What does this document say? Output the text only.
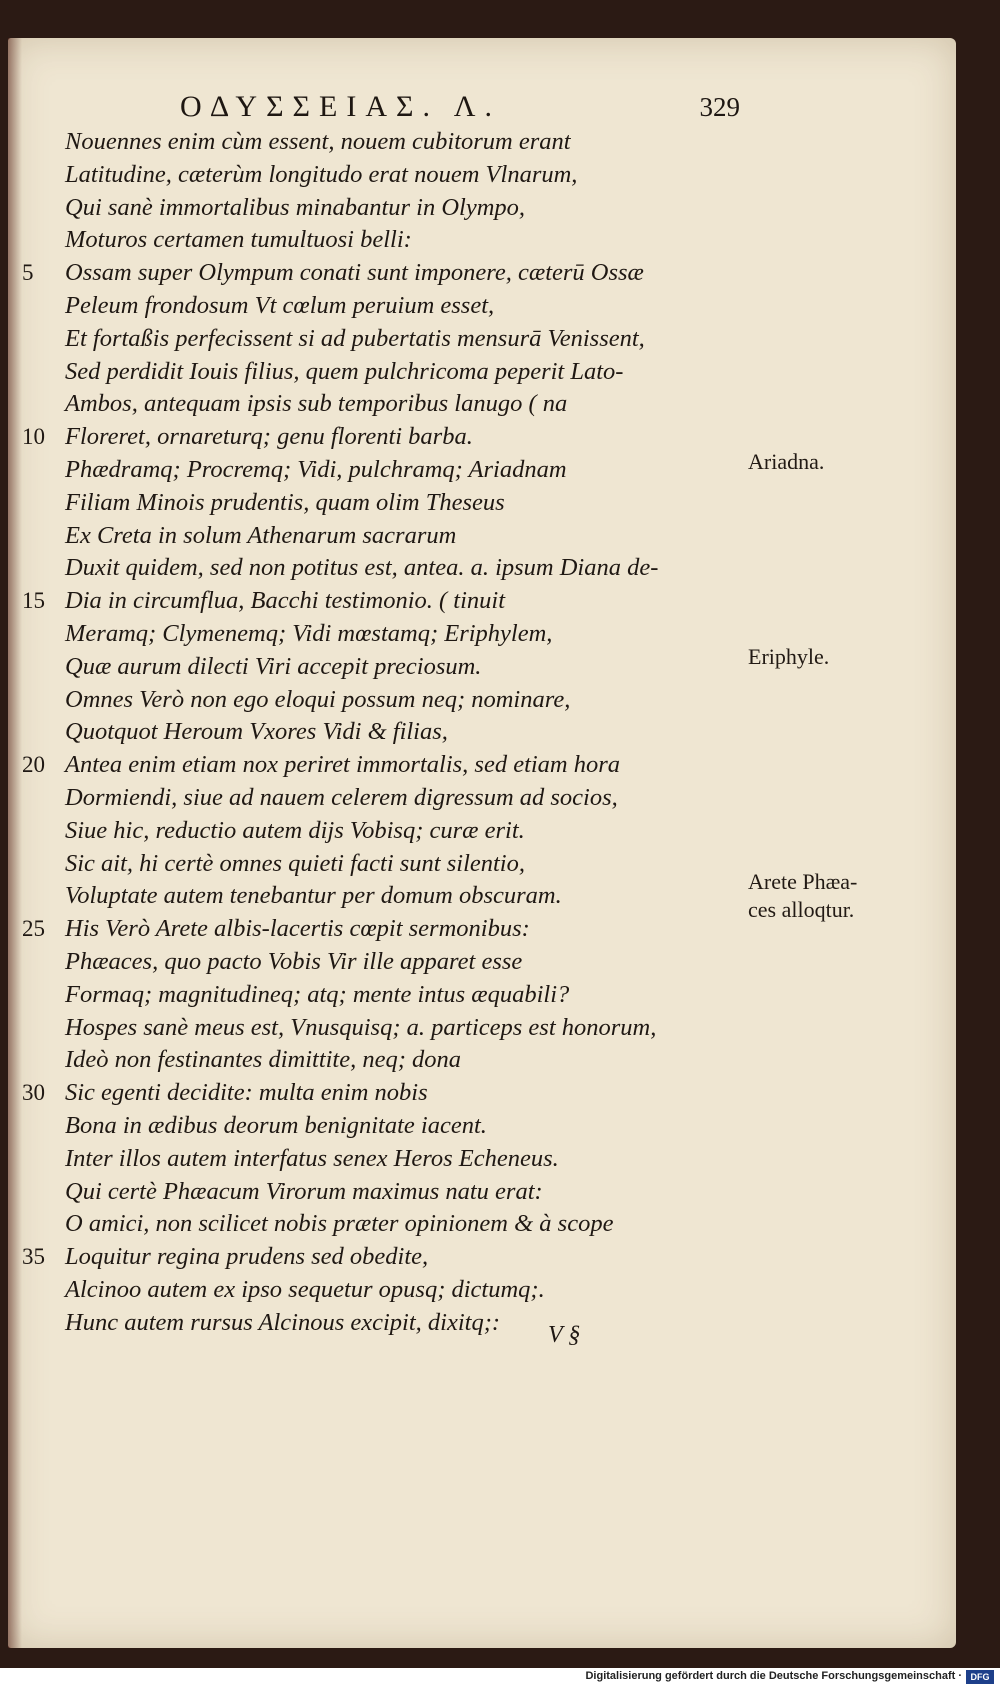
ΟΔΥΣΣΕΙΑΣ. Λ.	329
Nouennes enim cùm essent, nouem cubitorum erant
Latitudine, cæterùm longitudo erat nouem Vlnarum,
Qui sanè immortalibus minabantur in Olympo,
Moturos certamen tumultuosi belli:
5	Ossam super Olympum conati sunt imponere, cæterū Ossæ
Peleum frondosum Vt cœlum peruium esset,
Et fortaßis perfecissent si ad pubertatis mensurā Venissent,
Sed perdidit Iouis filius, quem pulchricoma peperit Lato-
Ambos, antequam ipsis sub temporibus lanugo ( na
10 Floreret, ornareturq; genu florenti barba.
Phædramq; Procremq; Vidi, pulchramq; Ariadnam
Filiam Minois prudentis, quam olim Theseus
Ex Creta in solum Athenarum sacrarum
Duxit quidem, sed non potitus est, antea. a. ipsum Diana de-
15 Dia in circumflua, Bacchi testimonio. ( tinuit
Meramq; Clymenemq; Vidi mœstamq; Eriphylem,
Quæ aurum dilecti Viri accepit preciosum.
Omnes Verò non ego eloqui possum neq; nominare,
Quotquot Heroum Vxores Vidi & filias,
20 Antea enim etiam nox periret immortalis, sed etiam hora
Dormiendi, siue ad nauem celerem digressum ad socios,
Siue hic, reductio autem dijs Vobisq; curæ erit.
Sic ait, hi certè omnes quieti facti sunt silentio,
Voluptate autem tenebantur per domum obscuram.
25 His Verò Arete albis-lacertis cœpit sermonibus:
Phæaces, quo pacto Vobis Vir ille apparet esse
Formaq; magnitudineq; atq; mente intus æquabili?
Hospes sanè meus est, Vnusquisq; a. particeps est honorum,
Ideò non festinantes dimittite, neq; dona
30 Sic egenti decidite: multa enim nobis
Bona in ædibus deorum benignitate iacent.
Inter illos autem interfatus senex Heros Echeneus.
Qui certè Phæacum Virorum maximus natu erat:
O amici, non scilicet nobis præter opinionem & à scope
35 Loquitur regina prudens sed obedite,
Alcinoo autem ex ipso sequetur opusq; dictumq;.
Hunc autem rursus Alcinous excipit, dixitq;:
Ariadna.
Eriphyle.
Arete Phæa-
ces alloqtur.
V §
Digitalisierung gefördert durch die Deutsche Forschungsgemeinschaft · DFG
